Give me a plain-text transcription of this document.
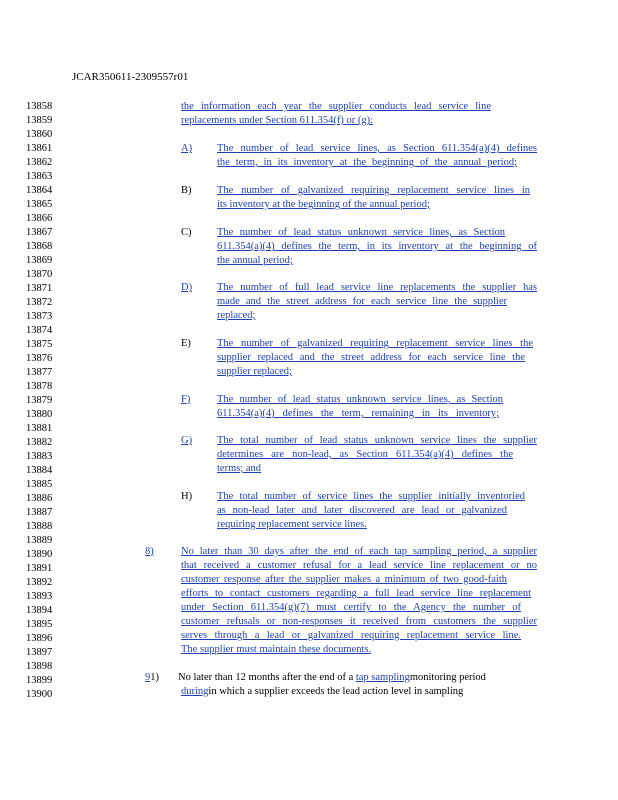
JCAR350611-2309557r01
13858
13859
13860
13861
13862
13863
13864
13865
13866
13867
13868
13869
13870
13871
13872
13873
13874
13875
13876
13877
13878
13879
13880
13881
13882
13883
13884
13885
13886
13887
13888
13889
13890
13891
13892
13893
13894
13895
13896
13897
13898
13899
13900
the information each year the supplier conducts lead service line
replacements under Section 611.354(f) or (g):
A) The number of lead service lines, as Section 611.354(a)(4) defines
the term, in its inventory at the beginning of the annual period;
B) The number of galvanized requiring replacement service lines in
its inventory at the beginning of the annual period;
C) The number of lead status unknown service lines, as Section
611.354(a)(4) defines the term, in its inventory at the beginning of
the annual period;
D) The number of full lead service line replacements the supplier has
made and the street address for each service line the supplier
replaced;
E) The number of galvanized requiring replacement service lines the
supplier replaced and the street address for each service line the
supplier replaced;
F)	The number of lead status unknown service lines, as Section
611.354(a)(4) defines the term, remaining in its inventory;
G) The total number of lead status unknown service lines the supplier
determines are non-lead, as Section 611.354(a)(4) defines the
terms; and
H) The total number of service lines the supplier initially inventoried
as non-lead later and later discovered are lead or galvanized
requiring replacement service lines.
8)	No later than 30 days after the end of each tap sampling period, a supplier
that received a customer refusal for a lead service line replacement or no
customer response after the supplier makes a minimum of two good-faith
efforts to contact customers regarding a full lead service line replacement
under Section 611.354(g)(7) must certify to the Agency the number of
customer refusals or non-responses it received from customers the supplier
serves through a lead or galvanized requiring replacement service line.
The supplier must maintain these documents.
91) No later than 12 months after the end of a tap samplingmonitoring period
duringin which a supplier exceeds the lead action level in sampling
